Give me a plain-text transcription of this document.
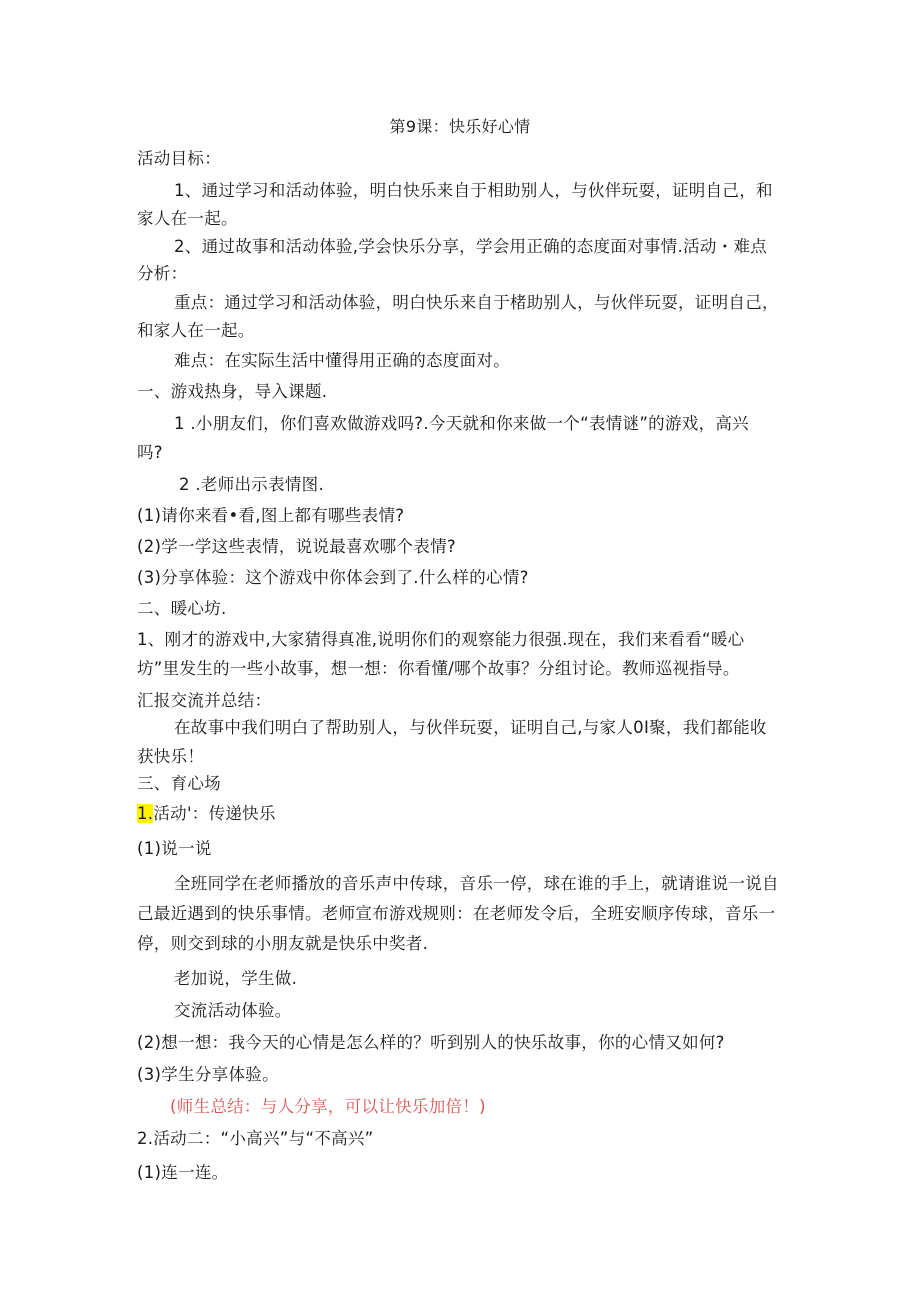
第9课：快乐好心情
活动目标：
1、通过学习和活动体验，明白快乐来自于相助别人，与伙伴玩耍，证明自己，和
家人在一起。
2、通过故事和活动体验,学会快乐分享，学会用正确的态度面对事情.活动・难点
分析：
重点：通过学习和活动体验，明白快乐来自于楮助别人，与伙伴玩耍，证明自己，
和家人在一起。
难点：在实际生活中懂得用正确的态度面对。
一、游戏热身，导入课题.
1 .小朋友们，你们喜欢做游戏吗?.今天就和你来做一个“表情谜”的游戏，高兴
吗?
2 .老师出示表情图.
(1)请你来看•看,图上都有哪些表情?
(2)学一学这些表情，说说最喜欢哪个表情?
(3)分享体验：这个游戏中你体会到了.什么样的心情?
二、暖心坊.
1、刚才的游戏中,大家猜得真准,说明你们的观察能力很强.现在，我们来看看“暖心
坊”里发生的一些小故事，想一想：你看懂/哪个故事？分组讨论。教师巡视指导。
汇报交流并总结：
在故事中我们明白了帮助别人，与伙伴玩耍，证明自己,与家人0I聚，我们都能收
获快乐！
三、育心场
1.活动'：传递快乐
(1)说一说
全班同学在老师播放的音乐声中传球，音乐一停，球在谁的手上，就请谁说一说自
己最近遇到的快乐事情。老师宣布游戏规则：在老师发令后，全班安顺序传球，音乐一
停，则交到球的小朋友就是快乐中奖者.
老加说，学生做.
交流活动体验。
(2)想一想：我今天的心情是怎么样的？听到别人的快乐故事，你的心情又如何?
(3)学生分享体验。
(师生总结：与人分享，可以让快乐加倍！)
2.活动二：“小高兴”与“不高兴”
(1)连一连。
